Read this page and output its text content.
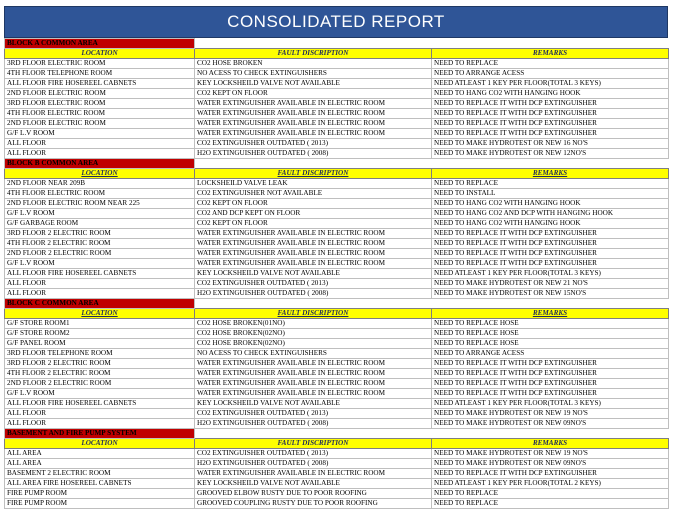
CONSOLIDATED REPORT
BLOCK A COMMON AREA		
LOCATION	FAULT DISCRIPTION	REMARKS
3RD FLOOR ELECTRIC ROOM	CO2 HOSE BROKEN	NEED TO REPLACE
4TH FLOOR TELEPHONE ROOM	NO ACESS TO CHECK EXTINGUISHERS	NEED TO ARRANGE ACESS
ALL FLOOR FIRE HOSEREEL CABNETS	KEY LOCKSHEILD VALVE NOT AVAILABLE	NEED ATLEAST 1 KEY PER FLOOR(TOTAL 3 KEYS)
2ND FLOOR ELECTRIC ROOM	CO2 KEPT ON FLOOR	NEED TO HANG CO2 WITH HANGING HOOK
3RD FLOOR ELECTRIC ROOM	WATER EXTINGUISHER AVAILABLE IN ELECTRIC ROOM	NEED TO REPLACE IT WITH DCP EXTINGUISHER
4TH FLOOR ELECTRIC ROOM	WATER EXTINGUISHER AVAILABLE IN ELECTRIC ROOM	NEED TO REPLACE IT WITH DCP EXTINGUISHER
2ND FLOOR ELECTRIC ROOM	WATER EXTINGUISHER AVAILABLE IN ELECTRIC ROOM	NEED TO REPLACE IT WITH DCP EXTINGUISHER
G/F L.V ROOM	WATER EXTINGUISHER AVAILABLE IN ELECTRIC ROOM	NEED TO REPLACE IT WITH DCP EXTINGUISHER
ALL FLOOR	CO2 EXTINGUISHER OUTDATED ( 2013)	NEED TO MAKE HYDROTEST OR NEW 16 NO'S
ALL FLOOR	H2O EXTINGUISHER OUTDATED ( 2008)	NEED TO MAKE HYDROTEST OR NEW 12NO'S
BLOCK B COMMON AREA		
LOCATION	FAULT DISCRIPTION	REMARKS
2ND FLOOR NEAR 209B	LOCKSHEILD VALVE LEAK	NEED TO REPLACE
4TH FLOOR ELECTRIC ROOM	CO2 EXTINGUISHER NOT AVAILABLE	NEED TO INSTALL
2ND FLOOR ELECTRIC ROOM NEAR 225	CO2 KEPT ON FLOOR	NEED TO HANG CO2 WITH HANGING HOOK
G/F L.V ROOM	CO2 AND DCP KEPT ON FLOOR	NEED TO HANG CO2 AND DCP WITH HANGING HOOK
G/F GARBAGE ROOM	CO2 KEPT ON FLOOR	NEED TO HANG CO2 WITH HANGING HOOK
3RD FLOOR 2 ELECTRIC ROOM	WATER EXTINGUISHER AVAILABLE IN ELECTRIC ROOM	NEED TO REPLACE IT WITH DCP EXTINGUISHER
4TH FLOOR 2 ELECTRIC ROOM	WATER EXTINGUISHER AVAILABLE IN ELECTRIC ROOM	NEED TO REPLACE IT WITH DCP EXTINGUISHER
2ND FLOOR 2 ELECTRIC ROOM	WATER EXTINGUISHER AVAILABLE IN ELECTRIC ROOM	NEED TO REPLACE IT WITH DCP EXTINGUISHER
G/F L.V ROOM	WATER EXTINGUISHER AVAILABLE IN ELECTRIC ROOM	NEED TO REPLACE IT WITH DCP EXTINGUISHER
ALL FLOOR FIRE HOSEREEL CABNETS	KEY LOCKSHEILD VALVE NOT AVAILABLE	NEED ATLEAST 1 KEY PER FLOOR(TOTAL 3 KEYS)
ALL FLOOR	CO2 EXTINGUISHER OUTDATED ( 2013)	NEED TO MAKE HYDROTEST OR NEW 21 NO'S
ALL FLOOR	H2O EXTINGUISHER OUTDATED ( 2008)	NEED TO MAKE HYDROTEST OR NEW 15NO'S
BLOCK C COMMON AREA		
LOCATION	FAULT DISCRIPTION	REMARKS
G/F STORE ROOM1	CO2 HOSE BROKEN(01NO)	NEED TO REPLACE HOSE
G/F STORE ROOM2	CO2 HOSE BROKEN(02NO)	NEED TO REPLACE HOSE
G/F PANEL ROOM	CO2 HOSE BROKEN(02NO)	NEED TO REPLACE HOSE
3RD FLOOR TELEPHONE ROOM	NO ACESS TO CHECK EXTINGUISHERS	NEED TO ARRANGE ACESS
3RD FLOOR 2 ELECTRIC ROOM	WATER EXTINGUISHER AVAILABLE IN ELECTRIC ROOM	NEED TO REPLACE IT WITH DCP EXTINGUISHER
4TH FLOOR 2 ELECTRIC ROOM	WATER EXTINGUISHER AVAILABLE IN ELECTRIC ROOM	NEED TO REPLACE IT WITH DCP EXTINGUISHER
2ND FLOOR 2 ELECTRIC ROOM	WATER EXTINGUISHER AVAILABLE IN ELECTRIC ROOM	NEED TO REPLACE IT WITH DCP EXTINGUISHER
G/F L.V ROOM	WATER EXTINGUISHER AVAILABLE IN ELECTRIC ROOM	NEED TO REPLACE IT WITH DCP EXTINGUISHER
ALL FLOOR FIRE HOSEREEL CABNETS	KEY LOCKSHEILD VALVE NOT AVAILABLE	NEED ATLEAST 1 KEY PER FLOOR(TOTAL 3 KEYS)
ALL FLOOR	CO2 EXTINGUISHER OUTDATED ( 2013)	NEED TO MAKE HYDROTEST OR NEW 19 NO'S
ALL FLOOR	H2O EXTINGUISHER OUTDATED ( 2008)	NEED TO MAKE HYDROTEST OR NEW 09NO'S
BASEMENT AND FIRE PUMP SYSTEM		
LOCATION	FAULT DISCRIPTION	REMARKS
ALL AREA	CO2 EXTINGUISHER OUTDATED ( 2013)	NEED TO MAKE HYDROTEST OR NEW 19 NO'S
ALL AREA	H2O EXTINGUISHER OUTDATED ( 2008)	NEED TO MAKE HYDROTEST OR NEW 09NO'S
BASEMENT 2 ELECTRIC ROOM	WATER EXTINGUISHER AVAILABLE IN ELECTRIC ROOM	NEED TO REPLACE IT WITH DCP EXTINGUISHER
ALL AREA FIRE HOSEREEL CABNETS	KEY LOCKSHEILD VALVE NOT AVAILABLE	NEED ATLEAST 1 KEY PER FLOOR(TOTAL 2 KEYS)
FIRE PUMP ROOM	GROOVED ELBOW RUSTY DUE TO POOR ROOFING	NEED TO REPLACE
FIRE PUMP ROOM	GROOVED COUPLING RUSTY DUE TO POOR ROOFING	NEED TO REPLACE
